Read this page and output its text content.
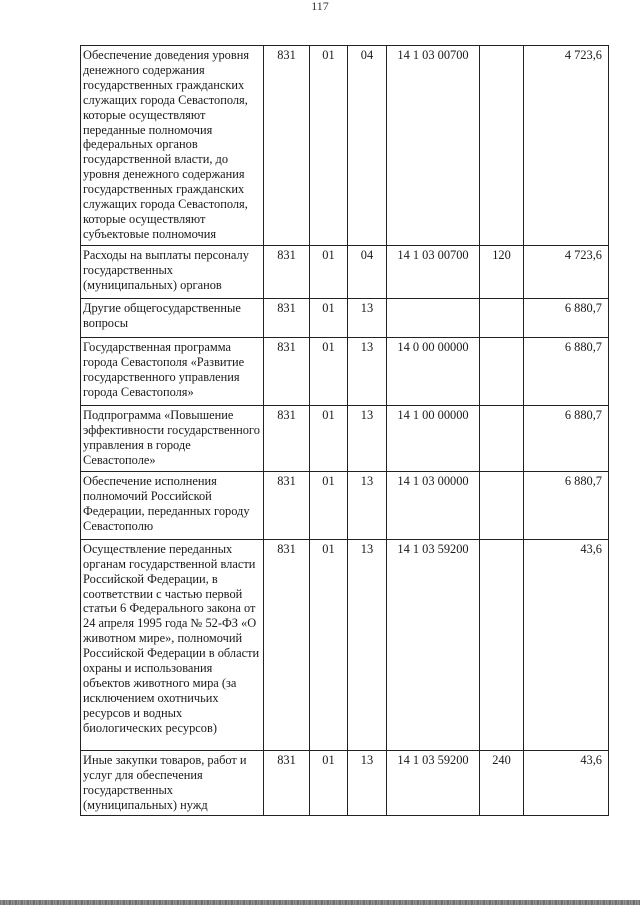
117
Обеспечение доведения уровня денежного содержания государственных гражданских служащих города Севастополя, которые осуществляют переданные полномочия федеральных органов государственной власти, до уровня денежного содержания государственных гражданских служащих города Севастополя, которые осуществляют субъектовые полномочия	831	01	04	14 1 03 00700		4 723,6
Расходы на выплаты персоналу государственных (муниципальных) органов	831	01	04	14 1 03 00700	120	4 723,6
Другие общегосударственные вопросы	831	01	13			6 880,7
Государственная программа города Севастополя «Развитие государственного управления города Севастополя»	831	01	13	14 0 00 00000		6 880,7
Подпрограмма «Повышение эффективности государственного управления в городе Севастополе»	831	01	13	14 1 00 00000		6 880,7
Обеспечение исполнения полномочий Российской Федерации, переданных городу Севастополю	831	01	13	14 1 03 00000		6 880,7
Осуществление переданных органам государственной власти Российской Федерации, в соответствии с частью первой статьи 6 Федерального закона от 24 апреля 1995 года № 52-ФЗ «О животном мире», полномочий Российской Федерации в области охраны и использования объектов животного мира (за исключением охотничьих ресурсов и водных биологических ресурсов)	831	01	13	14 1 03 59200		43,6
Иные закупки товаров, работ и услуг для обеспечения государственных (муниципальных) нужд	831	01	13	14 1 03 59200	240	43,6
